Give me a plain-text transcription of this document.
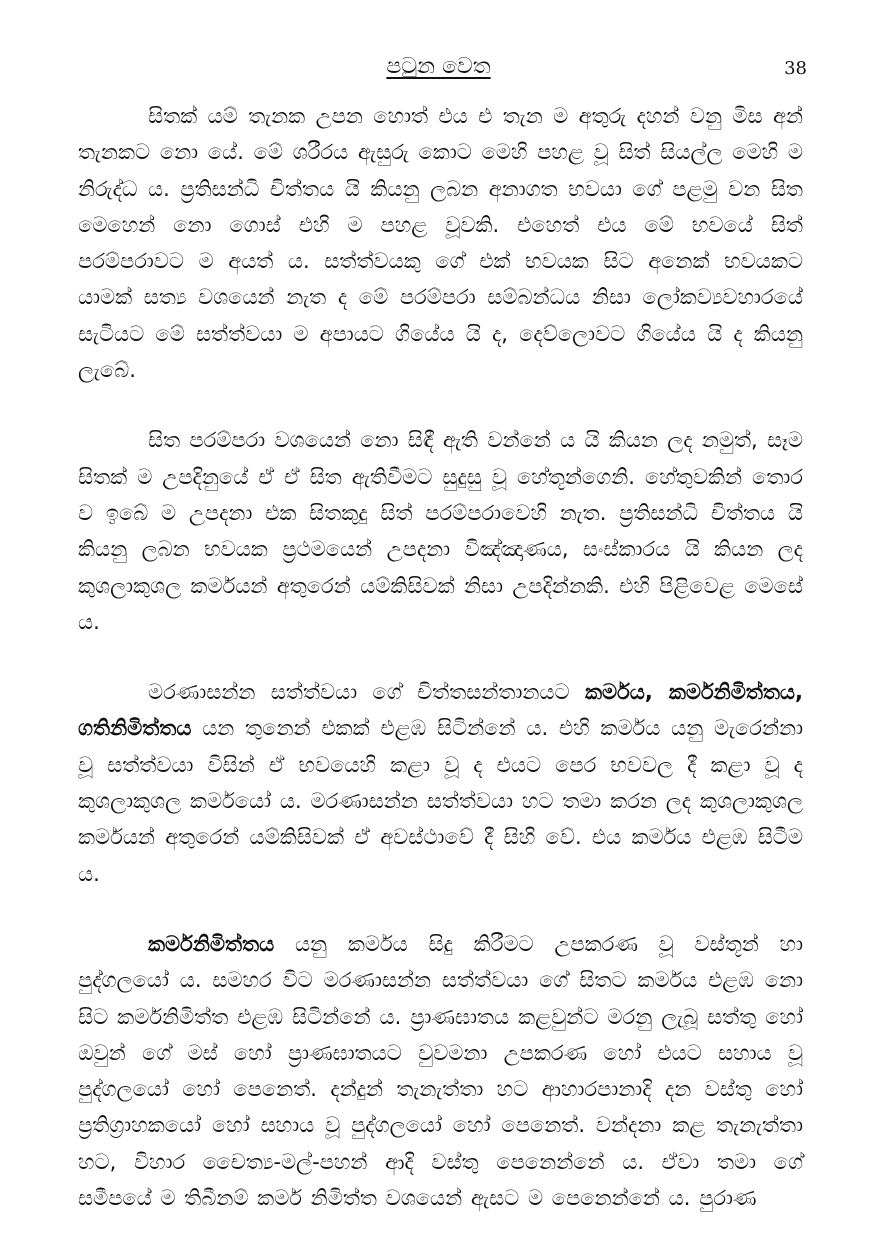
පටුන වෙත	38

සිතක් යම් තැනක උපන හොත් එය එ තැන ම අතුරු දහන් වනු මිස අන් තැනකට නො යේ. මේ ශරීරය ඇසුරු කොට මෙහි පහළ වූ සිත් සියල්ල මෙහි ම නිරුද්ධ ය. ප්‍රතිසන්ධි චිත්තය යි කියනු ලබන අනාගත භවයා ගේ පළමු වන සිත මෙහෙන් නො ගොස් එහි ම පහළ වූවකි. එහෙත් එය මේ භවයේ සිත් පරම්පරාවට ම අයත් ය. සත්ත්වයකු ගේ එක් භවයක සිට අනෙක් භවයකට යාමක් සත්‍ය වශයෙන් නැත ද මේ පරම්පරා සම්බන්ධය නිසා ලෝකව්‍යවහාරයේ සැටියට මේ සත්ත්වයා ම අපායට ගියේය යි ද, දෙව්ලොවට ගියේය යි ද කියනු ලැබේ.

සිත පරම්පරා වශයෙන් නො සිඳී ඇති වන්නේ ය යි කියන ලද නමුත්, සෑම සිතක් ම උපදිනුයේ ඒ ඒ සිත ඇතිවීමට සුදුසු වූ හේතූන්ගෙනි. හේතුවකින් තොර ව ඉබේ ම උපදනා එක සිතකුදු සිත් පරම්පරාවෙහි නැත. ප්‍රතිසන්ධි චිත්තය යි කියනු ලබන භවයක ප්‍රථමයෙන් උපදනා විඤ්ඤාණය, සංස්කාරය යි කියන ලද කුශලාකුශල කර්මයන් අතුරෙන් යම්කිසිවක් නිසා උපදින්නකි. එහි පිළිවෙළ මෙසේ ය.

මරණාසන්න සත්ත්වයා ගේ චිත්තසන්තානයට කර්මය, කර්මනිමිත්තය, ගතිනිමිත්තය යන තුනෙන් එකක් එළඹ සිටින්නේ ය. එහි කර්මය යනු මැරෙන්නා වූ සත්ත්වයා විසින් ඒ භවයෙහි කළා වූ ද එයට පෙර භවවල දී කළා වූ ද කුශලාකුශල කර්මයෝ ය. මරණාසන්න සත්ත්වයා හට තමා කරන ලද කුශලාකුශල කර්මයන් අතුරෙන් යම්කිසිවක් ඒ අවස්ථාවේ දී සිහි වේ. එය කර්මය එළඹ සිටීම ය.

කර්මනිමිත්තය යනු කර්මය සිදු කිරීමට උපකරණ වූ වස්තූන් හා පුද්ගලයෝ ය. සමහර විට මරණාසන්න සත්ත්වයා ගේ සිතට කර්මය එළඹ නො සිට කර්මනිමිත්ත එළඹ සිටින්නේ ය. ප්‍රාණඝාතය කළවුන්ට මරනු ලැබූ සත්තු හෝ ඔවුන් ගේ මස් හෝ ප්‍රාණඝාතයට වුවමනා උපකරණ හෝ එයට සහාය වූ පුද්ගලයෝ හෝ පෙනෙත්. දන්දුන් තැනැත්තා හට ආහාරපානාදි දන වස්තු හෝ ප්‍රතිග්‍රාහකයෝ හෝ සහාය වූ පුද්ගලයෝ හෝ පෙනෙත්. වන්දනා කළ තැනැත්තා හට, විහාර චෛත්‍ය-මල්-පහන් ආදි වස්තු පෙනෙන්නේ ය. ඒවා තමා ගේ සමීපයේ ම තිබීනම් කර්ම නිමිත්ත වශයෙන් ඇසට ම පෙනෙන්නේ ය. පුරාණ
